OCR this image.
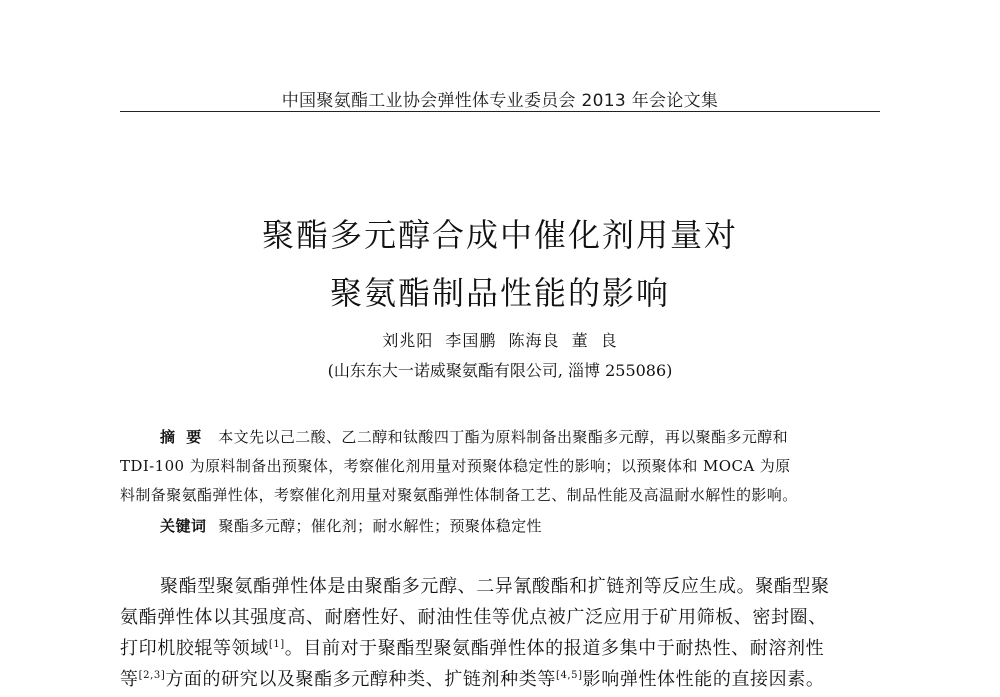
中国聚氨酯工业协会弹性体专业委员会 2013 年会论文集
聚酯多元醇合成中催化剂用量对
聚氨酯制品性能的影响
刘兆阳 李国鹏 陈海良 董 良
(山东东大一诺威聚氨酯有限公司, 淄博 255086)
摘 要 本文先以己二酸、乙二醇和钛酸四丁酯为原料制备出聚酯多元醇，再以聚酯多元醇和
TDI-100 为原料制备出预聚体，考察催化剂用量对预聚体稳定性的影响；以预聚体和 MOCA 为原
料制备聚氨酯弹性体，考察催化剂用量对聚氨酯弹性体制备工艺、制品性能及高温耐水解性的影响。
关键词 聚酯多元醇；催化剂；耐水解性；预聚体稳定性
聚酯型聚氨酯弹性体是由聚酯多元醇、二异氰酸酯和扩链剂等反应生成。聚酯型聚
氨酯弹性体以其强度高、耐磨性好、耐油性佳等优点被广泛应用于矿用筛板、密封圈、
打印机胶辊等领域[1]。目前对于聚酯型聚氨酯弹性体的报道多集中于耐热性、耐溶剂性
等[2,3]方面的研究以及聚酯多元醇种类、扩链剂种类等[4,5]影响弹性体性能的直接因素。
